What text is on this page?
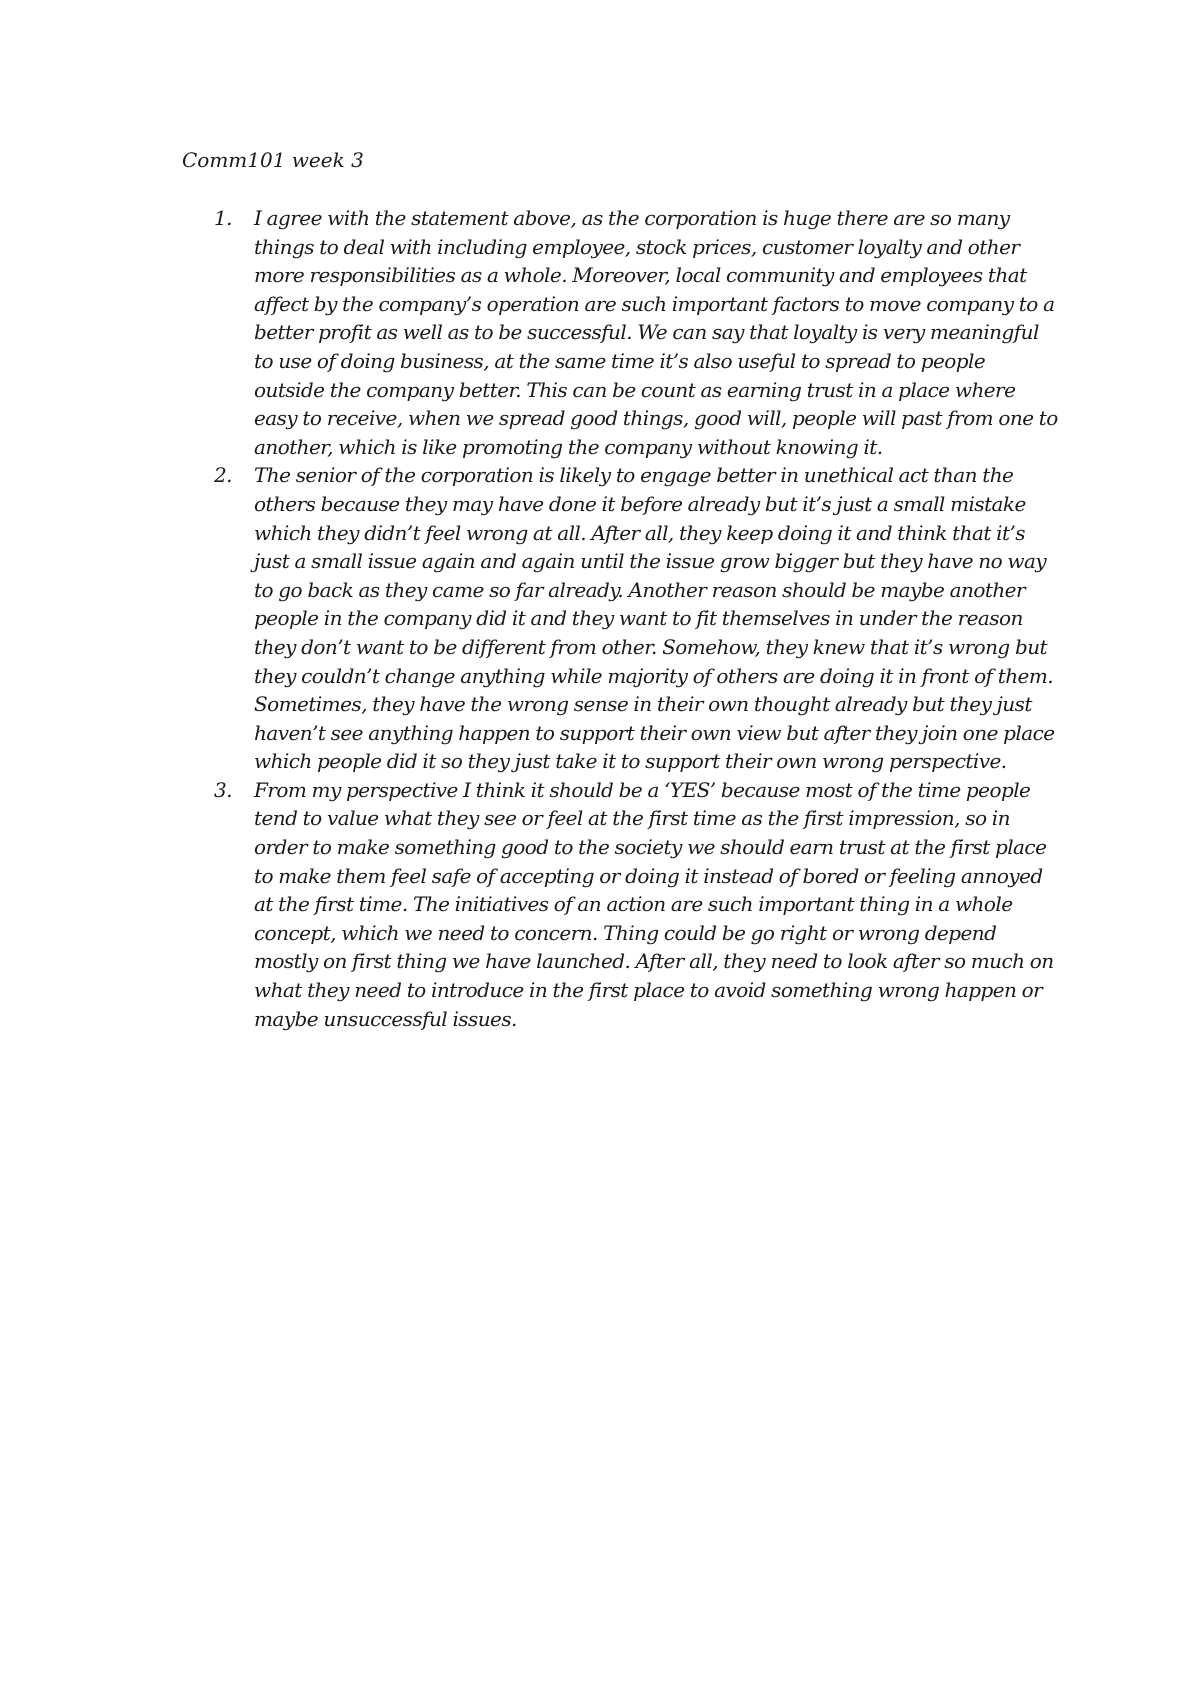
Comm101 week 3
1.	I agree with the statement above, as the corporation is huge there are so many things to deal with including employee, stock prices, customer loyalty and other more responsibilities as a whole. Moreover, local community and employees that affect by the company’s operation are such important factors to move company to a better profit as well as to be successful. We can say that loyalty is very meaningful to use of doing business, at the same time it’s also useful to spread to people outside the company better. This can be count as earning trust in a place where easy to receive, when we spread good things, good will, people will past from one to another, which is like promoting the company without knowing it.
2.	The senior of the corporation is likely to engage better in unethical act than the others because they may have done it before already but it’s just a small mistake which they didn’t feel wrong at all. After all, they keep doing it and think that it’s just a small issue again and again until the issue grow bigger but they have no way to go back as they came so far already. Another reason should be maybe another people in the company did it and they want to fit themselves in under the reason they don’t want to be different from other. Somehow, they knew that it’s wrong but they couldn’t change anything while majority of others are doing it in front of them. Sometimes, they have the wrong sense in their own thought already but they just haven’t see anything happen to support their own view but after they join one place which people did it so they just take it to support their own wrong perspective.
3.	From my perspective I think it should be a ‘YES’ because most of the time people tend to value what they see or feel at the first time as the first impression, so in order to make something good to the society we should earn trust at the first place to make them feel safe of accepting or doing it instead of bored or feeling annoyed at the first time. The initiatives of an action are such important thing in a whole concept, which we need to concern. Thing could be go right or wrong depend mostly on first thing we have launched. After all, they need to look after so much on what they need to introduce in the first place to avoid something wrong happen or maybe unsuccessful issues.
